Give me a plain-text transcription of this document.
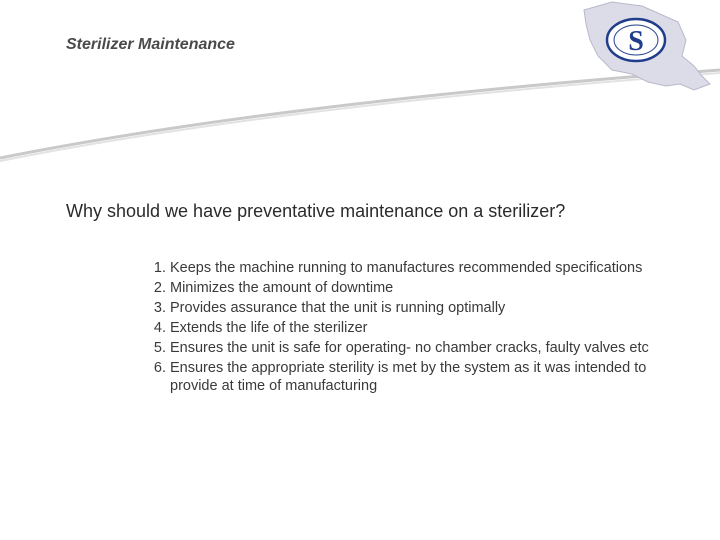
Sterilizer Maintenance	S
Why should we have preventative maintenance on a sterilizer?
1. Keeps the machine running to manufactures recommended specifications
2. Minimizes the amount of downtime
3. Provides assurance that the unit is running optimally
4. Extends the life of the sterilizer
5. Ensures the unit is safe for operating- no chamber cracks, faulty valves etc
6. Ensures the appropriate sterility is met by the system as it was intended to provide at time of manufacturing
